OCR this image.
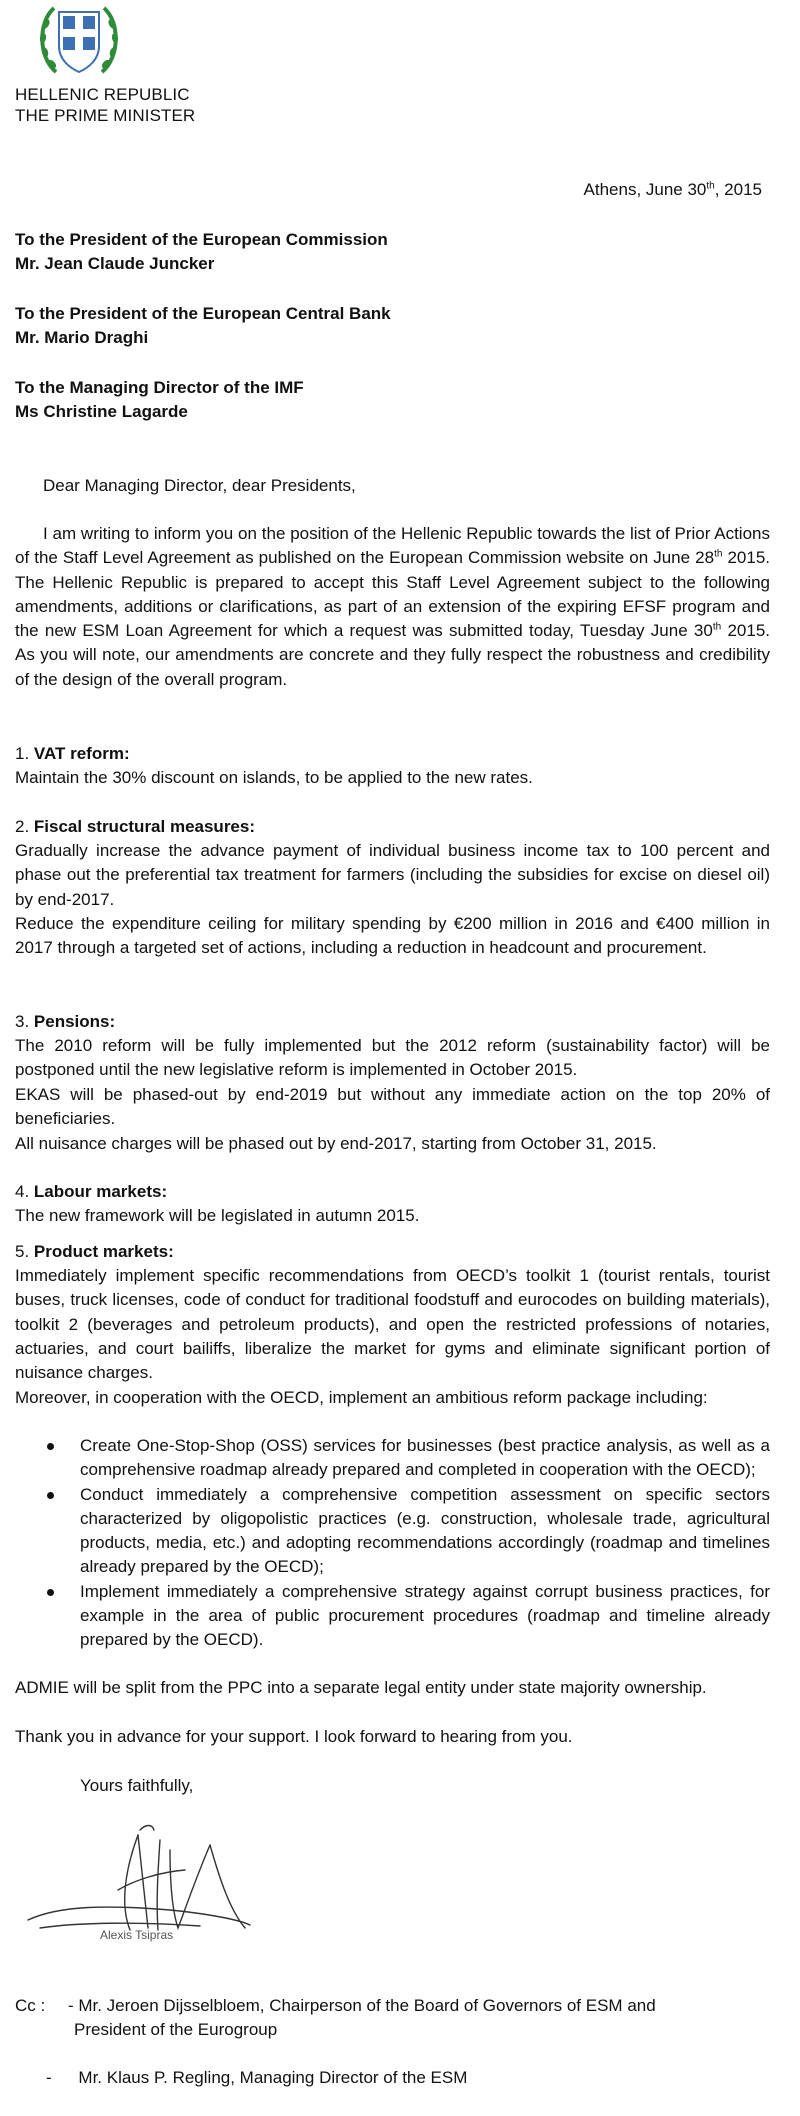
HELLENIC REPUBLIC
THE PRIME MINISTER
Athens, June 30th, 2015
To the President of the European Commission
Mr. Jean Claude Juncker
To the President of the European Central Bank
Mr. Mario Draghi
To the Managing Director of the IMF
Ms Christine Lagarde
Dear Managing Director, dear Presidents,
I am writing to inform you on the position of the Hellenic Republic towards the list of Prior Actions of the Staff Level Agreement as published on the European Commission website on June 28th 2015. The Hellenic Republic is prepared to accept this Staff Level Agreement subject to the following amendments, additions or clarifications, as part of an extension of the expiring EFSF program and the new ESM Loan Agreement for which a request was submitted today, Tuesday June 30th 2015. As you will note, our amendments are concrete and they fully respect the robustness and credibility of the design of the overall program.
1. VAT reform:
Maintain the 30% discount on islands, to be applied to the new rates.
2. Fiscal structural measures:
Gradually increase the advance payment of individual business income tax to 100 percent and phase out the preferential tax treatment for farmers (including the subsidies for excise on diesel oil) by end-2017.
Reduce the expenditure ceiling for military spending by €200 million in 2016 and €400 million in 2017 through a targeted set of actions, including a reduction in headcount and procurement.
3. Pensions:
The 2010 reform will be fully implemented but the 2012 reform (sustainability factor) will be postponed until the new legislative reform is implemented in October 2015.
EKAS will be phased-out by end-2019 but without any immediate action on the top 20% of beneficiaries.
All nuisance charges will be phased out by end-2017, starting from October 31, 2015.
4. Labour markets:
The new framework will be legislated in autumn 2015.
5. Product markets:
Immediately implement specific recommendations from OECD’s toolkit 1 (tourist rentals, tourist buses, truck licenses, code of conduct for traditional foodstuff and eurocodes on building materials), toolkit 2 (beverages and petroleum products), and open the restricted professions of notaries, actuaries, and court bailiffs, liberalize the market for gyms and eliminate significant portion of nuisance charges.
Moreover, in cooperation with the OECD, implement an ambitious reform package including:
Create One-Stop-Shop (OSS) services for businesses (best practice analysis, as well as a comprehensive roadmap already prepared and completed in cooperation with the OECD);
Conduct immediately a comprehensive competition assessment on specific sectors characterized by oligopolistic practices (e.g. construction, wholesale trade, agricultural products, media, etc.) and adopting recommendations accordingly (roadmap and timelines already prepared by the OECD);
Implement immediately a comprehensive strategy against corrupt business practices, for example in the area of public procurement procedures (roadmap and timeline already prepared by the OECD).
ADMIE will be split from the PPC into a separate legal entity under state majority ownership.
Thank you in advance for your support. I look forward to hearing from you.
Yours faithfully,
Alexis Tsipras
Cc : - Mr. Jeroen Dijsselbloem, Chairperson of the Board of Governors of ESM and
President of the Eurogroup
- Mr. Klaus P. Regling, Managing Director of the ESM
